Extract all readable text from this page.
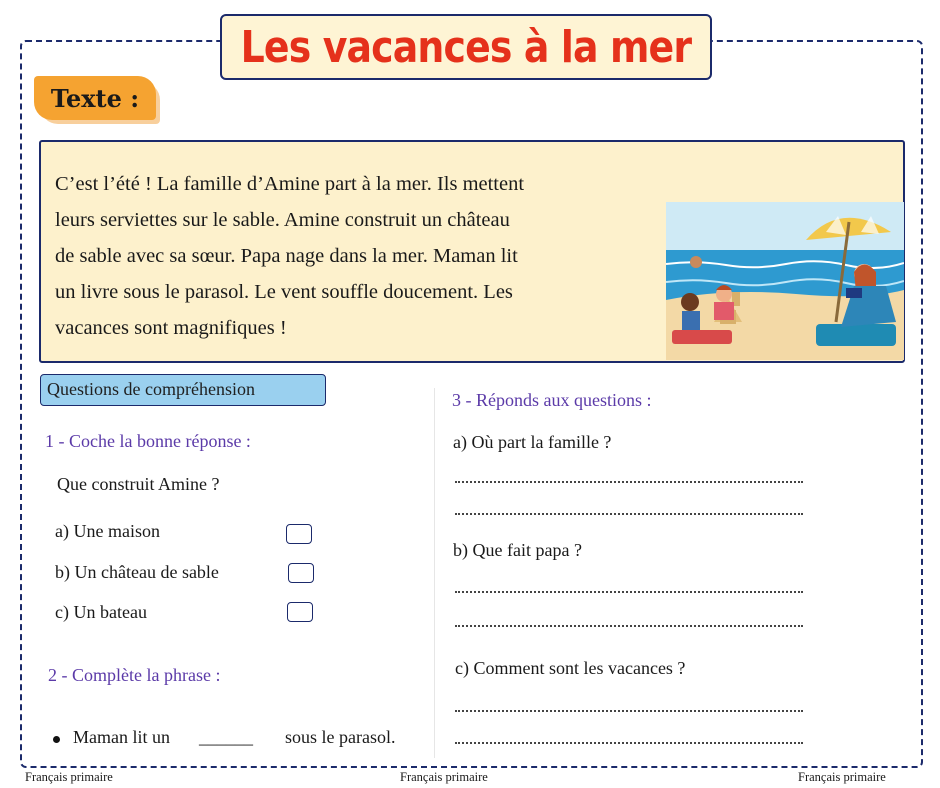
Les vacances à la mer
Texte :
C’est l’été ! La famille d’Amine part à la mer. Ils mettent
leurs serviettes sur le sable. Amine construit un château
de sable avec sa sœur. Papa nage dans la mer. Maman lit
un livre sous le parasol. Le vent souffle doucement. Les
vacances sont magnifiques !
Questions de compréhension
1 - Coche la bonne réponse :
Que construit Amine ?
a) Une maison
b) Un château de sable
c) Un bateau
2 - Complète la phrase :
Maman lit un ______ sous le parasol.
3 - Réponds aux questions :
a) Où part la famille ?
b) Que fait papa ?
c) Comment sont les vacances ?
Français primaire	Français primaire	Français primaire
